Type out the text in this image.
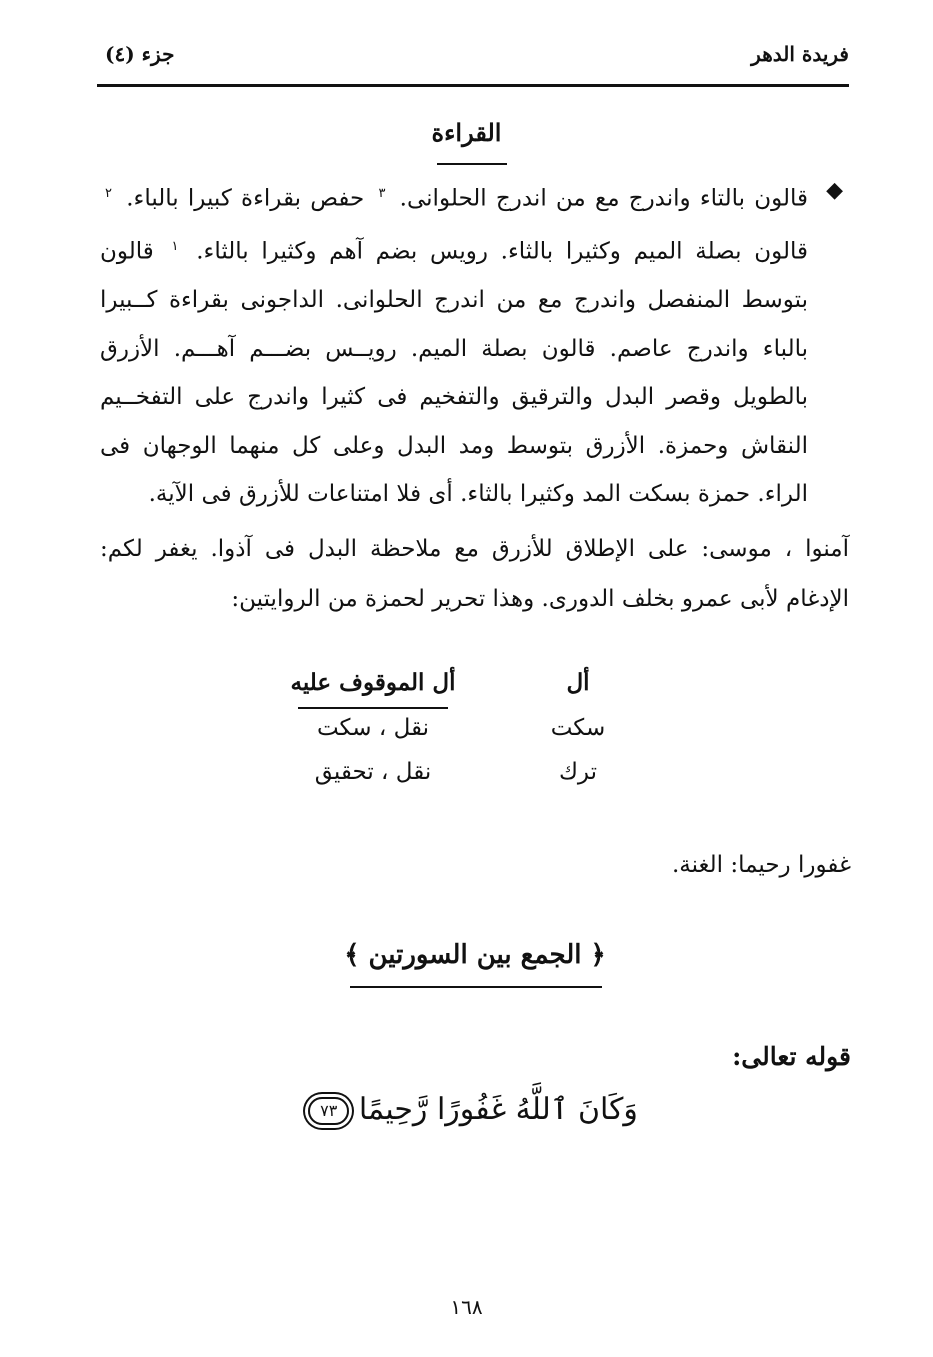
فريدة الدهر
جزء (٤)
القراءة
◆
قالون بالتاء واندرج مع من اندرج الحلوانى. $^٣$ حفص بقراءة كبيرا بالباء. $^٢$ قالون بصلة الميم وكثيرا بالثاء. رويس بضم آهم وكثيرا بالثاء. $^١$ قالون بتوسط المنفصل واندرج مع من اندرج الحلوانى. الداجونى بقراءة كــبيرا بالباء واندرج عاصم. قالون بصلة الميم. رويــس بضـــم آهـــم. الأزرق بالطويل وقصر البدل والترقيق والتفخيم فى كثيرا واندرج على التفخــيم النقاش وحمزة. الأزرق بتوسط ومد البدل وعلى كل منهما الوجهان فى الراء. حمزة بسكت المد وكثيرا بالثاء. أى فلا امتناعات للأزرق فى الآية.
آمنوا ، موسى: على الإطلاق للأزرق مع ملاحظة البدل فى آذوا. يغفر لكم: الإدغام لأبى عمرو بخلف الدورى. وهذا تحرير لحمزة من الروايتين:
أل
سكت
ترك
أل الموقوف عليه
نقل ، سكت
نقل ، تحقيق
غفورا رحيما: الغنة.
﴿ الجمع بين السورتين ﴾
قوله تعالى:
وَكَانَ ٱللَّهُ غَفُورًا رَّحِيمًا ٧٣
١٦٨
